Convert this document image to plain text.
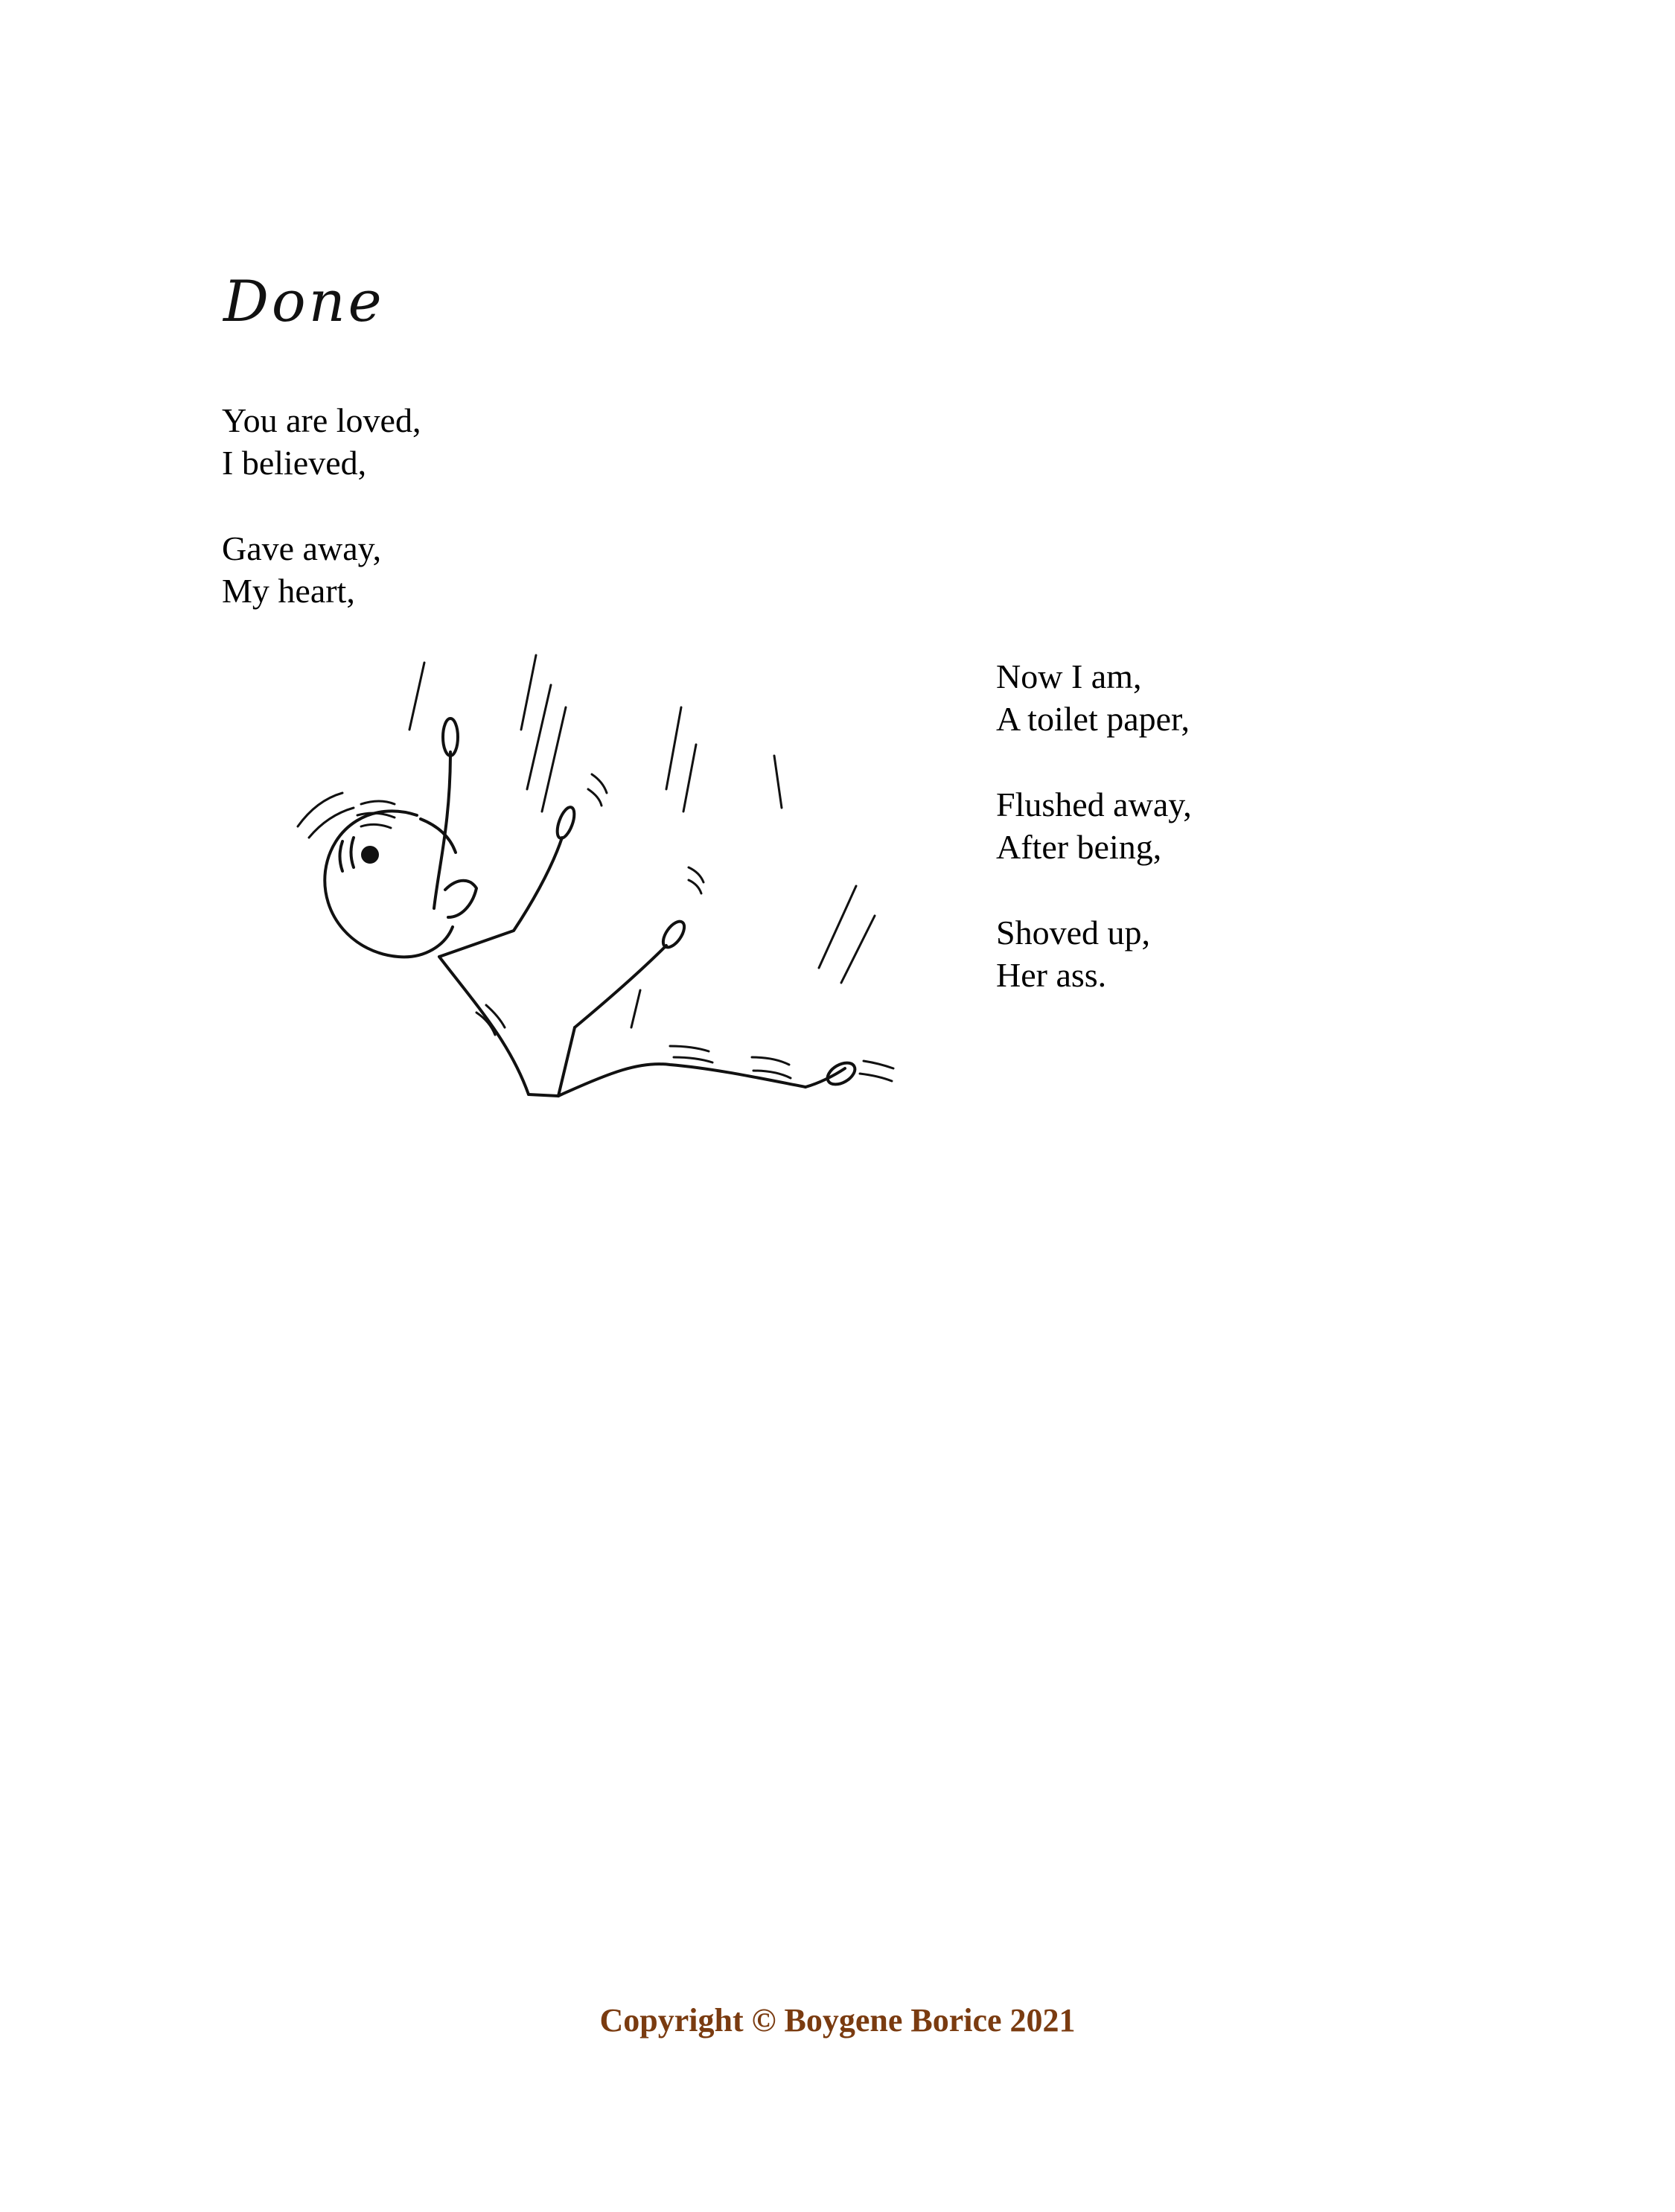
Done
You are loved,
I believed,
Gave away,
My heart,
Now I am,
A toilet paper,
Flushed away,
After being,
Shoved up,
Her ass.
Copyright © Boygene Borice 2021
